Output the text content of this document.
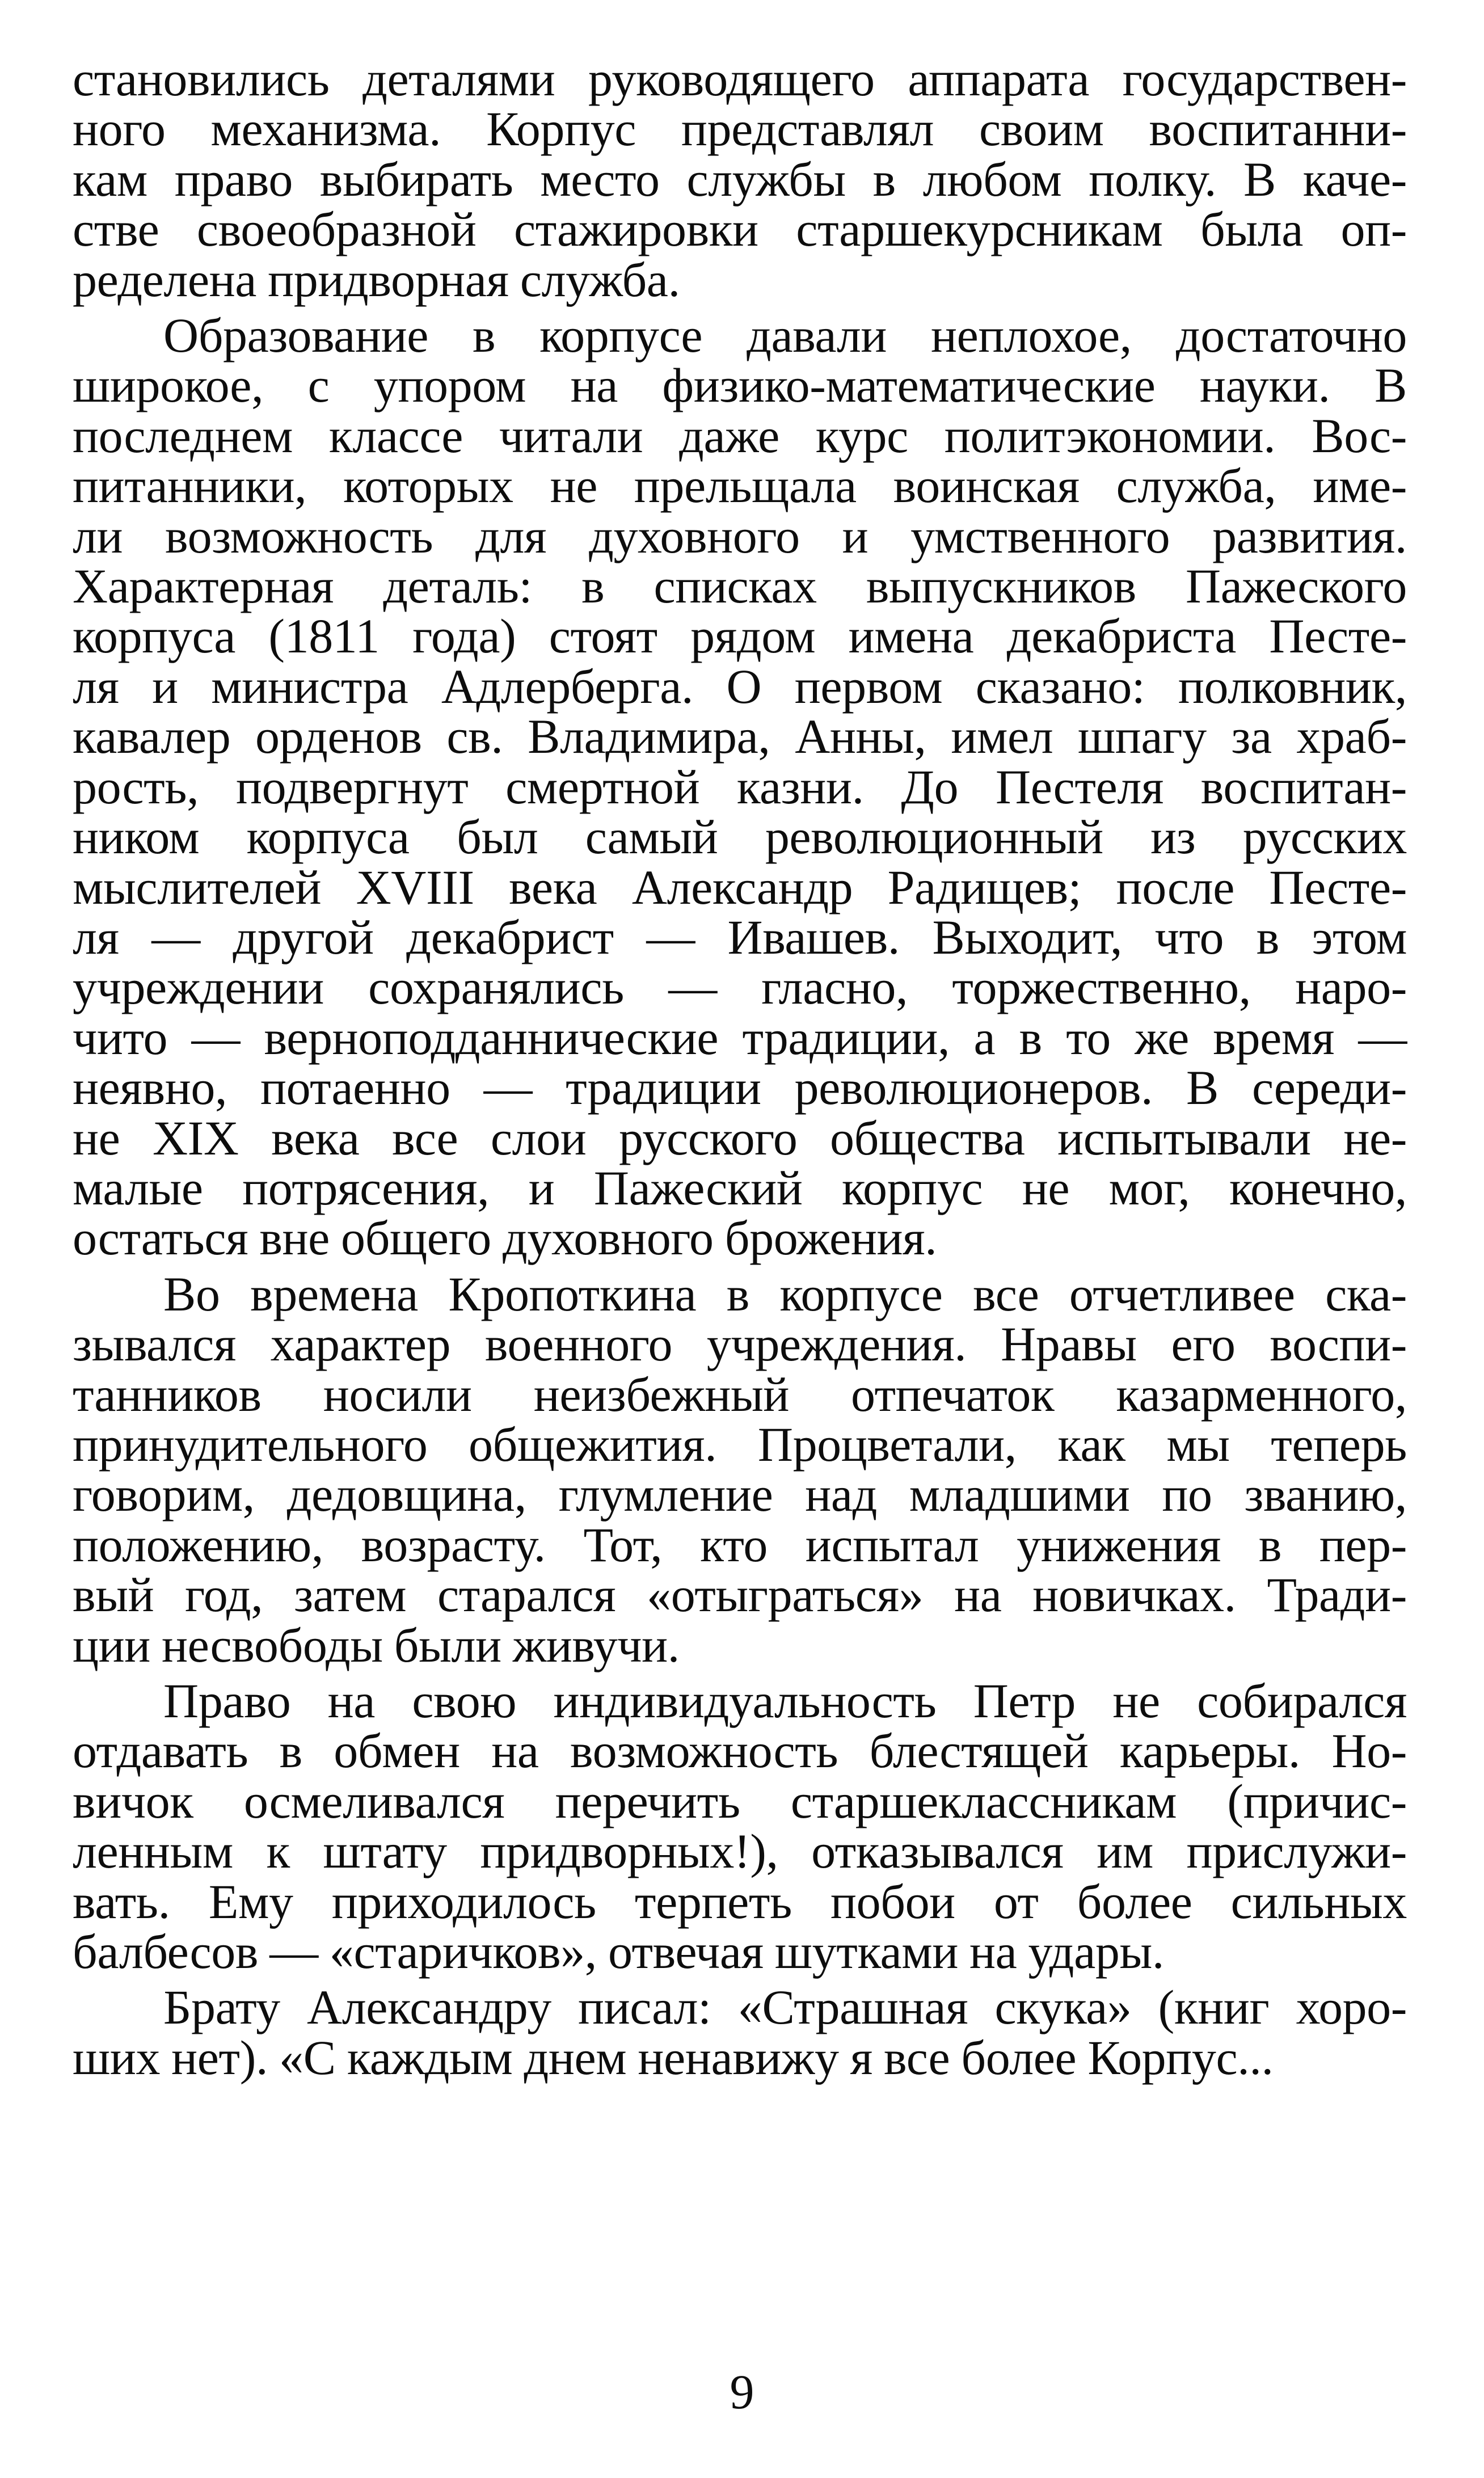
становились деталями руководящего аппарата государствен-
ного механизма. Корпус представлял своим воспитанни-
кам право выбирать место службы в любом полку. В каче-
стве своеобразной стажировки старшекурсникам была оп-
ределена придворная служба.
Образование в корпусе давали неплохое, достаточно
широкое, с упором на физико-математические науки. В
последнем классе читали даже курс политэкономии. Вос-
питанники, которых не прельщала воинская служба, име-
ли возможность для духовного и умственного развития.
Характерная деталь: в списках выпускников Пажеского
корпуса (1811 года) стоят рядом имена декабриста Песте-
ля и министра Адлерберга. О первом сказано: полковник,
кавалер орденов св. Владимира, Анны, имел шпагу за храб-
рость, подвергнут смертной казни. До Пестеля воспитан-
ником корпуса был самый революционный из русских
мыслителей XVIII века Александр Радищев; после Песте-
ля — другой декабрист — Ивашев. Выходит, что в этом
учреждении сохранялись — гласно, торжественно, наро-
чито — верноподданнические традиции, а в то же время —
неявно, потаенно — традиции революционеров. В середи-
не XIX века все слои русского общества испытывали не-
малые потрясения, и Пажеский корпус не мог, конечно,
остаться вне общего духовного брожения.
Во времена Кропоткина в корпусе все отчетливее ска-
зывался характер военного учреждения. Нравы его воспи-
танников носили неизбежный отпечаток казарменного,
принудительного общежития. Процветали, как мы теперь
говорим, дедовщина, глумление над младшими по званию,
положению, возрасту. Тот, кто испытал унижения в пер-
вый год, затем старался «отыграться» на новичках. Тради-
ции несвободы были живучи.
Право на свою индивидуальность Петр не собирался
отдавать в обмен на возможность блестящей карьеры. Но-
вичок осмеливался перечить старшеклассникам (причис-
ленным к штату придворных!), отказывался им прислужи-
вать. Ему приходилось терпеть побои от более сильных
балбесов — «старичков», отвечая шутками на удары.
Брату Александру писал: «Страшная скука» (книг хоро-
ших нет). «С каждым днем ненавижу я все более Корпус...
9
